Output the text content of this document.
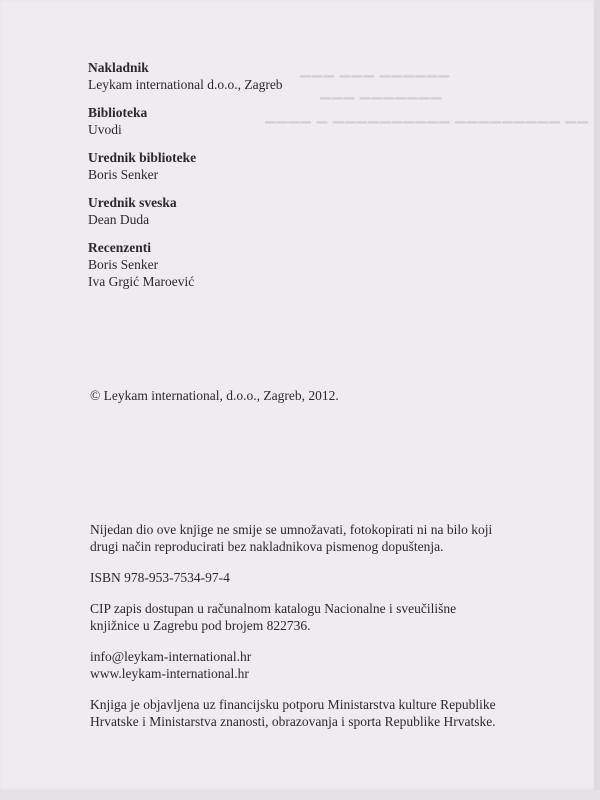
▁▁▁ ▁▁▁ ▁▁▁▁▁▁
▁▁▁ ▁▁▁▁▁▁▁
▁▁▁▁ ▁ ▁▁▁▁▁▁▁▁▁▁ ▁▁▁▁▁▁▁▁▁ ▁▁
Nakladnik
Leykam international d.o.o., Zagreb
Biblioteka
Uvodi
Urednik biblioteke
Boris Senker
Urednik sveska
Dean Duda
Recenzenti
Boris Senker
Iva Grgić Maroević
© Leykam international, d.o.o., Zagreb, 2012.

Nijedan dio ove knjige ne smije se umnožavati, fotokopirati ni na bilo koji
drugi način reproducirati bez nakladnikova pismenog dopuštenja.

ISBN 978-953-7534-97-4

CIP zapis dostupan u računalnom katalogu Nacionalne i sveučilišne
knjižnice u Zagrebu pod brojem 822736.

info@leykam-international.hr
www.leykam-international.hr

Knjiga je objavljena uz financijsku potporu Ministarstva kulture Republike
Hrvatske i Ministarstva znanosti, obrazovanja i sporta Republike Hrvatske.
